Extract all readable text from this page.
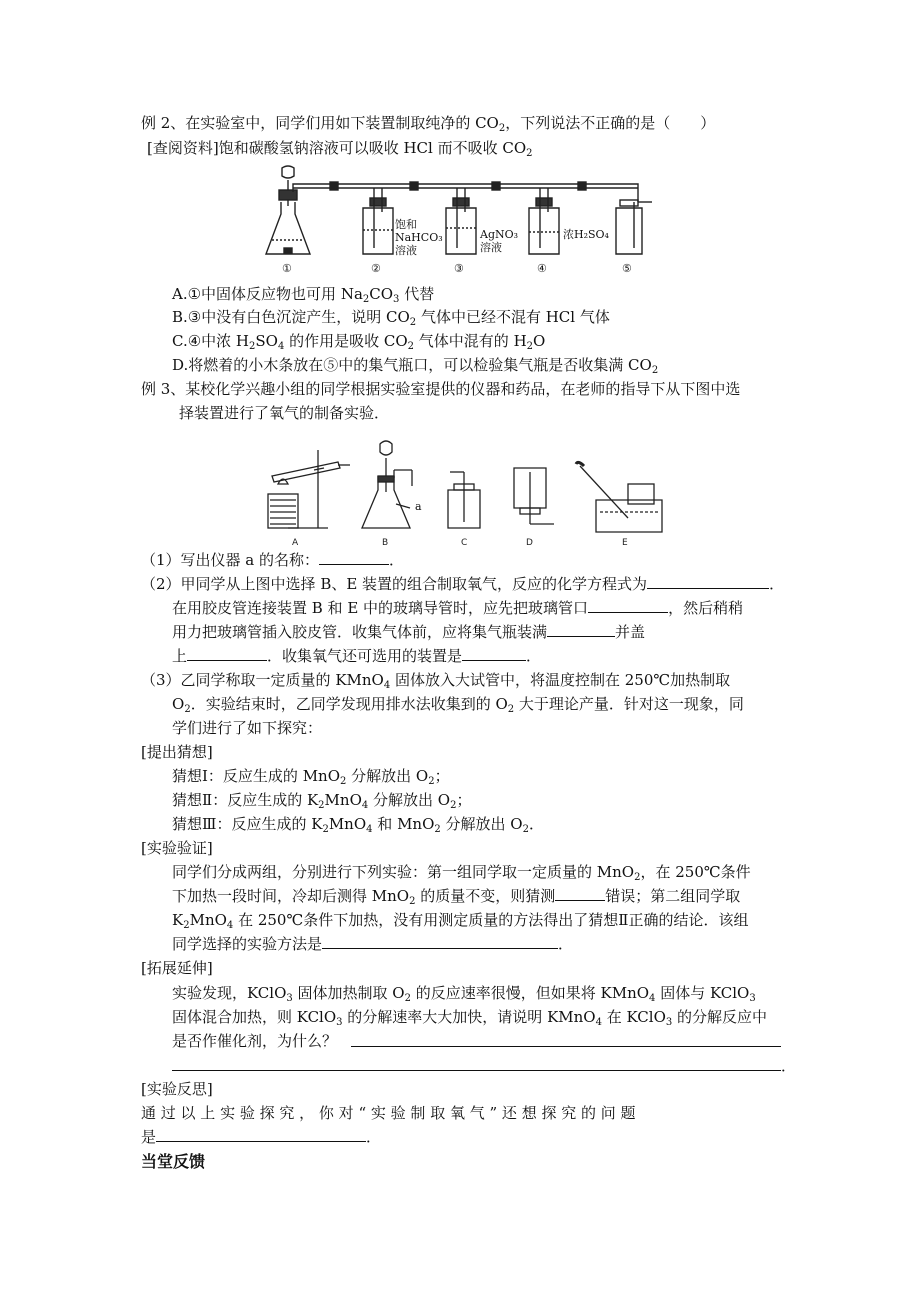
例 2、在实验室中，同学们用如下装置制取纯净的 $CO_2$，下列说法不正确的是（　　）
[查阅资料]饱和碳酸氢钠溶液可以吸收 HCl 而不吸收 $CO_2$
饱和
NaHCO₃
溶液
AgNO₃
溶液
浓H₂SO₄
①	②	③	④	⑤
A.①中固体反应物也可用 $Na_2CO_3$ 代替
B.③中没有白色沉淀产生，说明 $CO_2$ 气体中已经不混有 HCl 气体
C.④中浓 $H_2SO_4$ 的作用是吸收 $CO_2$ 气体中混有的 $H_2O$
D.将燃着的小木条放在⑤中的集气瓶口，可以检验集气瓶是否收集满 $CO_2$
例 3、某校化学兴趣小组的同学根据实验室提供的仪器和药品，在老师的指导下从下图中选
择装置进行了氧气的制备实验．
a
A	B	C	D	E
（1）写出仪器 a 的名称：	．
（2）甲同学从上图中选择 B、E 装置的组合制取氧气，反应的化学方程式为	．
在用胶皮管连接装置 B 和 E 中的玻璃导管时，应先把玻璃管口	，然后稍稍
用力把玻璃管插入胶皮管．收集气体前，应将集气瓶装满	并盖
上	．收集氧气还可选用的装置是	．
（3）乙同学称取一定质量的 KMnO$_4$ 固体放入大试管中，将温度控制在 250℃加热制取
$O_2$．实验结束时，乙同学发现用排水法收集到的 $O_2$ 大于理论产量．针对这一现象，同
学们进行了如下探究：
[提出猜想]
猜想Ⅰ：反应生成的 MnO$_2$ 分解放出 $O_2$；
猜想Ⅱ：反应生成的 $K_2MnO_4$ 分解放出 $O_2$；
猜想Ⅲ：反应生成的 $K_2MnO_4$ 和 MnO$_2$ 分解放出 $O_2$．
[实验验证]
同学们分成两组，分别进行下列实验：第一组同学取一定质量的 MnO$_2$，在 250℃条件
下加热一段时间，冷却后测得 MnO$_2$ 的质量不变，则猜测	错误；第二组同学取
$K_2MnO_4$ 在 250℃条件下加热，没有用测定质量的方法得出了猜想Ⅱ正确的结论．该组
同学选择的实验方法是	．
[拓展延伸]
实验发现，KClO$_3$ 固体加热制取 $O_2$ 的反应速率很慢，但如果将 KMnO$_4$ 固体与 KClO$_3$
固体混合加热，则 KClO$_3$ 的分解速率大大加快，请说明 KMnO$_4$ 在 KClO$_3$ 的分解反应中
是否作催化剂，为什么？
．
[实验反思]
通 过 以 上 实 验 探 究 ， 你 对 “ 实 验 制 取 氧 气 ” 还 想 探 究 的 问 题
是	．
当堂反馈
